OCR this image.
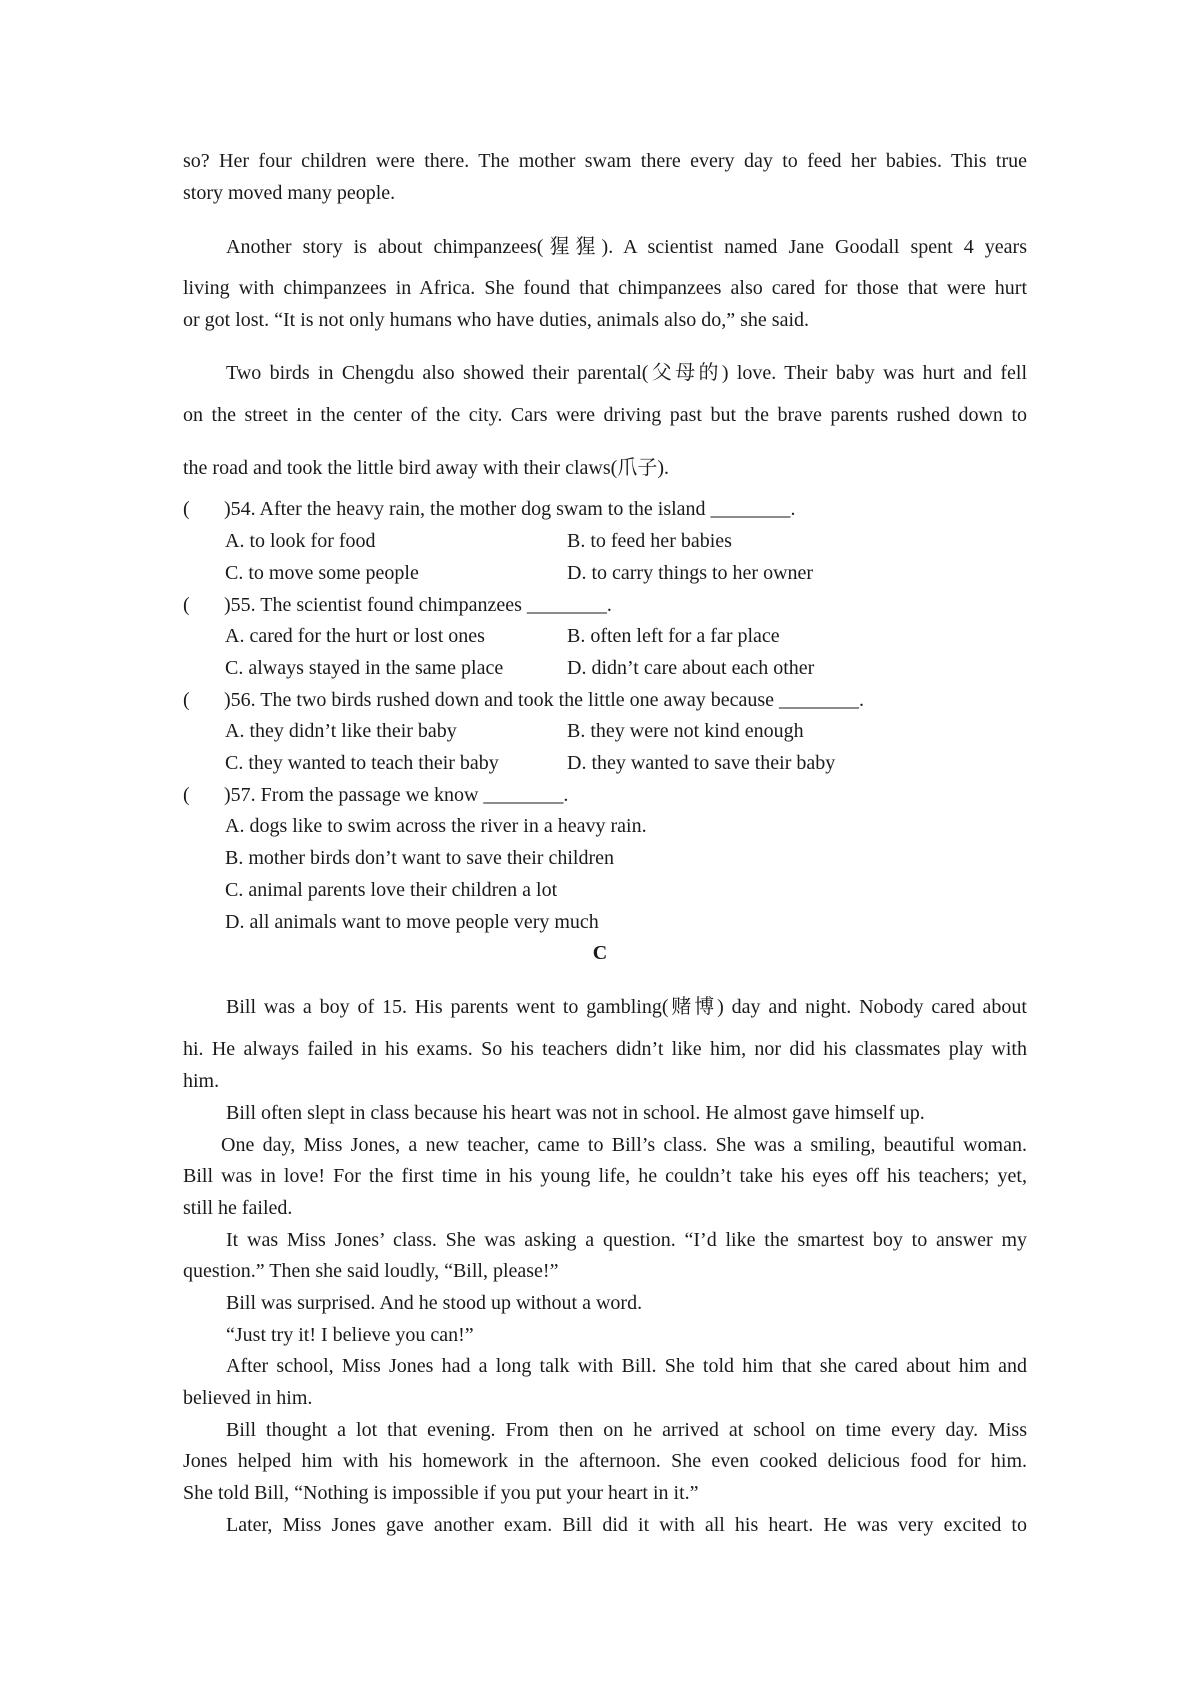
so? Her four children were there. The mother swam there every day to feed her babies. This true
story moved many people.
Another story is about chimpanzees(猩猩). A scientist named Jane Goodall spent 4 years
living with chimpanzees in Africa. She found that chimpanzees also cared for those that were hurt
or got lost. “It is not only humans who have duties, animals also do,” she said.
Two birds in Chengdu also showed their parental(父母的) love. Their baby was hurt and fell
on the street in the center of the city. Cars were driving past but the brave parents rushed down to
the road and took the little bird away with their claws(爪子).
( )54. After the heavy rain, the mother dog swam to the island ________.
A. to look for food	B. to feed her babies
C. to move some people	D. to carry things to her owner
( )55. The scientist found chimpanzees ________.
A. cared for the hurt or lost ones	B. often left for a far place
C. always stayed in the same place	D. didn’t care about each other
( )56. The two birds rushed down and took the little one away because ________.
A. they didn’t like their baby	B. they were not kind enough
C. they wanted to teach their baby	D. they wanted to save their baby
( )57. From the passage we know ________.
A. dogs like to swim across the river in a heavy rain.
B. mother birds don’t want to save their children
C. animal parents love their children a lot
D. all animals want to move people very much
C
Bill was a boy of 15. His parents went to gambling(赌博) day and night. Nobody cared about
hi. He always failed in his exams. So his teachers didn’t like him, nor did his classmates play with
him.
Bill often slept in class because his heart was not in school. He almost gave himself up.
One day, Miss Jones, a new teacher, came to Bill’s class. She was a smiling, beautiful woman.
Bill was in love! For the first time in his young life, he couldn’t take his eyes off his teachers; yet,
still he failed.
It was Miss Jones’ class. She was asking a question. “I’d like the smartest boy to answer my
question.” Then she said loudly, “Bill, please!”
Bill was surprised. And he stood up without a word.
“Just try it! I believe you can!”
After school, Miss Jones had a long talk with Bill. She told him that she cared about him and
believed in him.
Bill thought a lot that evening. From then on he arrived at school on time every day. Miss
Jones helped him with his homework in the afternoon. She even cooked delicious food for him.
She told Bill, “Nothing is impossible if you put your heart in it.”
Later, Miss Jones gave another exam. Bill did it with all his heart. He was very excited to
